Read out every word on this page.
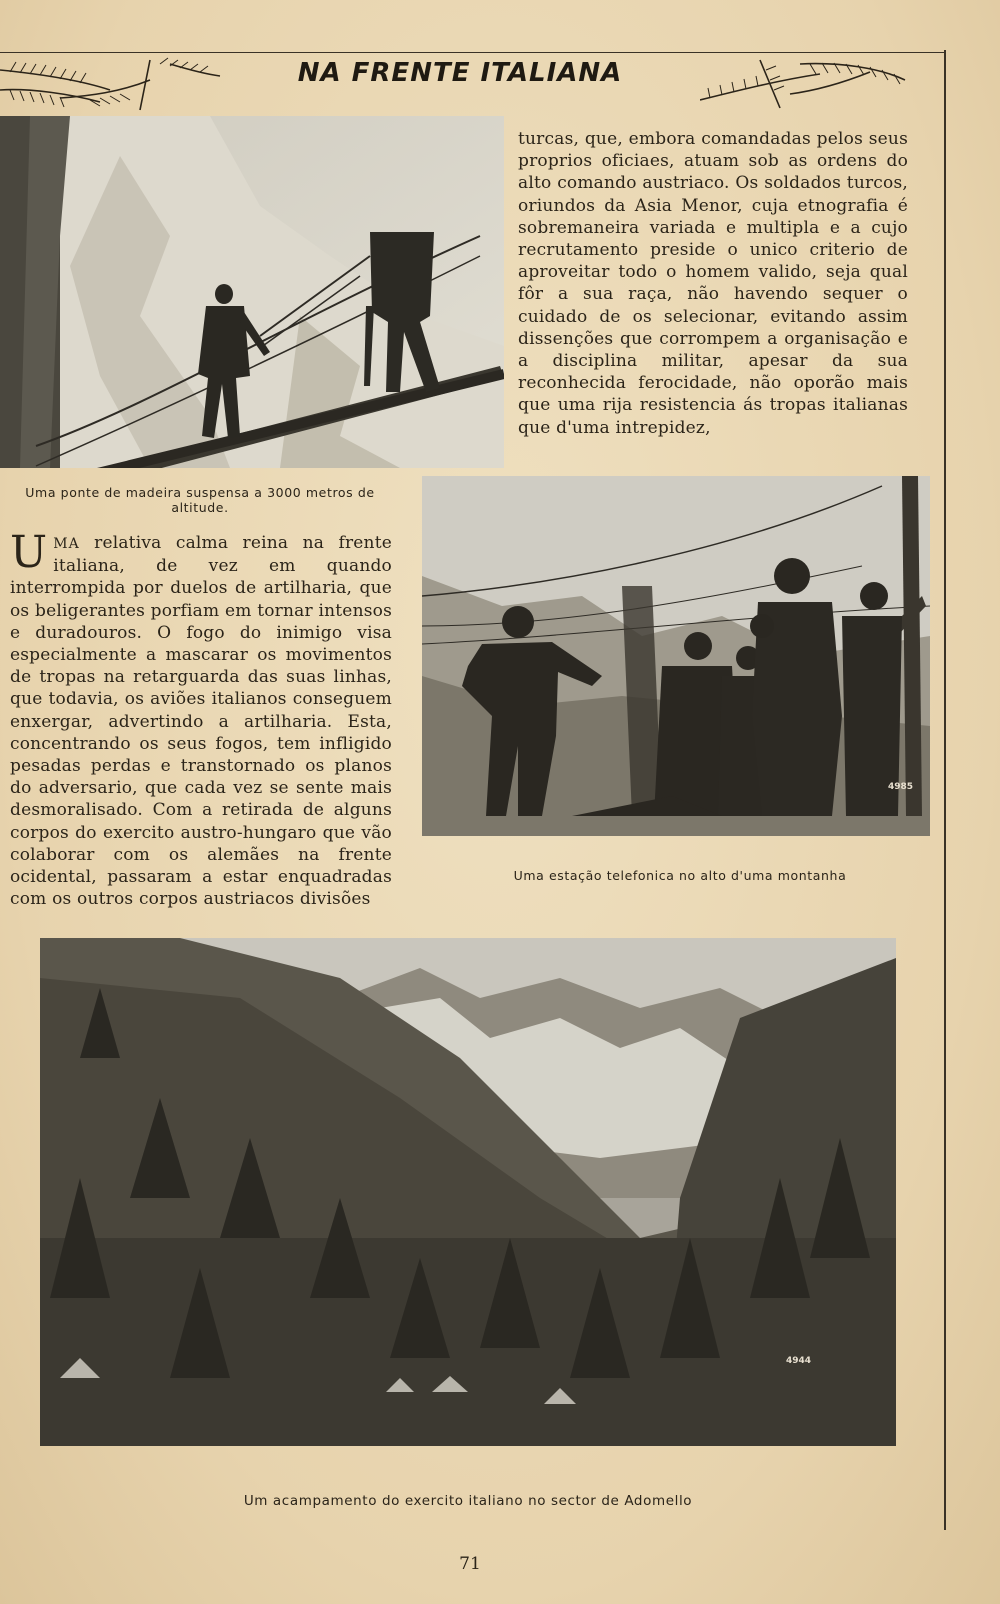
NA FRENTE ITALIANA

turcas, que, embora comandadas pelos seus proprios oficiaes, atuam sob as ordens do alto comando austriaco. Os soldados turcos, oriundos da Asia Menor, cuja etnografia é sobremaneira variada e multipla e a cujo recrutamento preside o unico criterio de aproveitar todo o homem valido, seja qual fôr a sua raça, não havendo sequer o cuidado de os selecionar, evitando assim dissenções que corrompem a organisação e a disciplina militar, apesar da sua reconhecida ferocidade, não oporão mais que uma rija resistencia ás tropas italianas que d'uma intrepidez,

Uma ponte de madeira suspensa a 3000 metros de altitude.
4985

UMA relativa calma reina na frente italiana, de vez em quando interrompida por duelos de artilharia, que os beligerantes porfiam em tornar intensos e duradouros. O fogo do inimigo visa especialmente a mascarar os movimentos de tropas na retarguarda das suas linhas, que todavia, os aviões italianos conseguem enxergar, advertindo a artilharia. Esta, concentrando os seus fogos, tem infligido pesadas perdas e transtornado os planos do adversario, que cada vez se sente mais desmoralisado. Com a retirada de alguns corpos do exercito austro-hungaro que vão colaborar com os alemães na frente ocidental, passaram a estar enquadradas com os outros corpos austriacos divisões

Uma estação telefonica no alto d'uma montanha
4944
Um acampamento do exercito italiano no sector de Adomello
71
